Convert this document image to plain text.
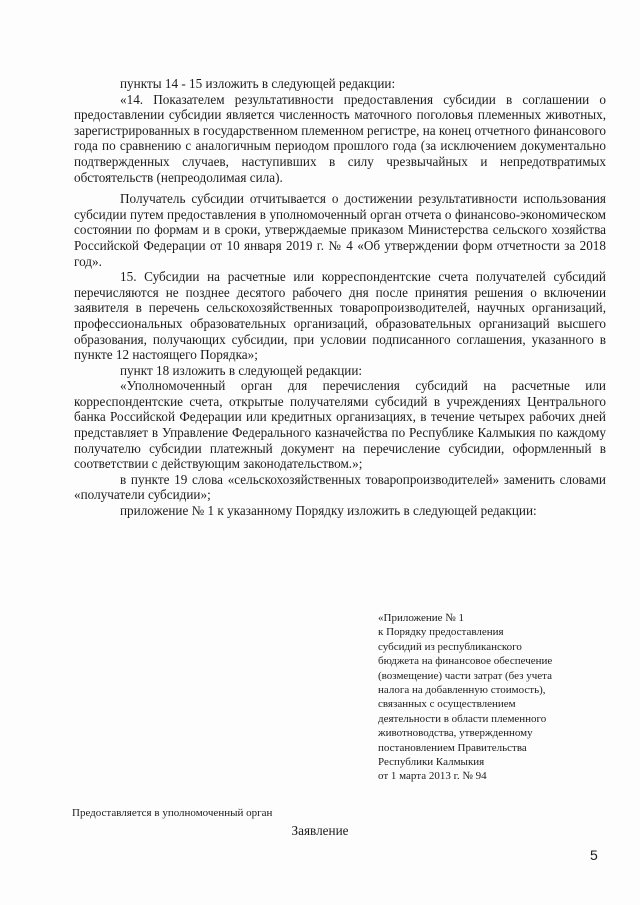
пункты 14 - 15 изложить в следующей редакции:

«14. Показателем результативности предоставления субсидии в соглашении о предоставлении субсидии является численность маточного поголовья племенных животных, зарегистрированных в государственном племенном регистре, на конец отчетного финансового года по сравнению с аналогичным периодом прошлого года (за исключением документально подтвержденных случаев, наступивших в силу чрезвычайных и непредотвратимых обстоятельств (непреодолимая сила).

Получатель субсидии отчитывается о достижении результативности использования субсидии путем предоставления в уполномоченный орган отчета о финансово-экономическом состоянии по формам и в сроки, утверждаемые приказом Министерства сельского хозяйства Российской Федерации от 10 января 2019 г. № 4 «Об утверждении форм отчетности за 2018 год».

15. Субсидии на расчетные или корреспондентские счета получателей субсидий перечисляются не позднее десятого рабочего дня после принятия решения о включении заявителя в перечень сельскохозяйственных товаропроизводителей, научных организаций, профессиональных образовательных организаций, образовательных организаций высшего образования, получающих субсидии, при условии подписанного соглашения, указанного в пункте 12 настоящего Порядка»;

пункт 18 изложить в следующей редакции:

«Уполномоченный орган для перечисления субсидий на расчетные или корреспондентские счета, открытые получателями субсидий в учреждениях Центрального банка Российской Федерации или кредитных организациях, в течение четырех рабочих дней представляет в Управление Федерального казначейства по Республике Калмыкия по каждому получателю субсидии платежный документ на перечисление субсидии, оформленный в соответствии с действующим законодательством.»;

в пункте 19 слова «сельскохозяйственных товаропроизводителей» заменить словами «получатели субсидии»;

приложение № 1 к указанному Порядку изложить в следующей редакции:

«Приложение № 1
к Порядку предоставления
субсидий из республиканского
бюджета на финансовое обеспечение
(возмещение) части затрат (без учета
налога на добавленную стоимость),
связанных с осуществлением
деятельности в области племенного
животноводства, утвержденному
постановлением Правительства
Республики Калмыкия
от 1 марта 2013 г. № 94
Предоставляется в уполномоченный орган
Заявление
5
